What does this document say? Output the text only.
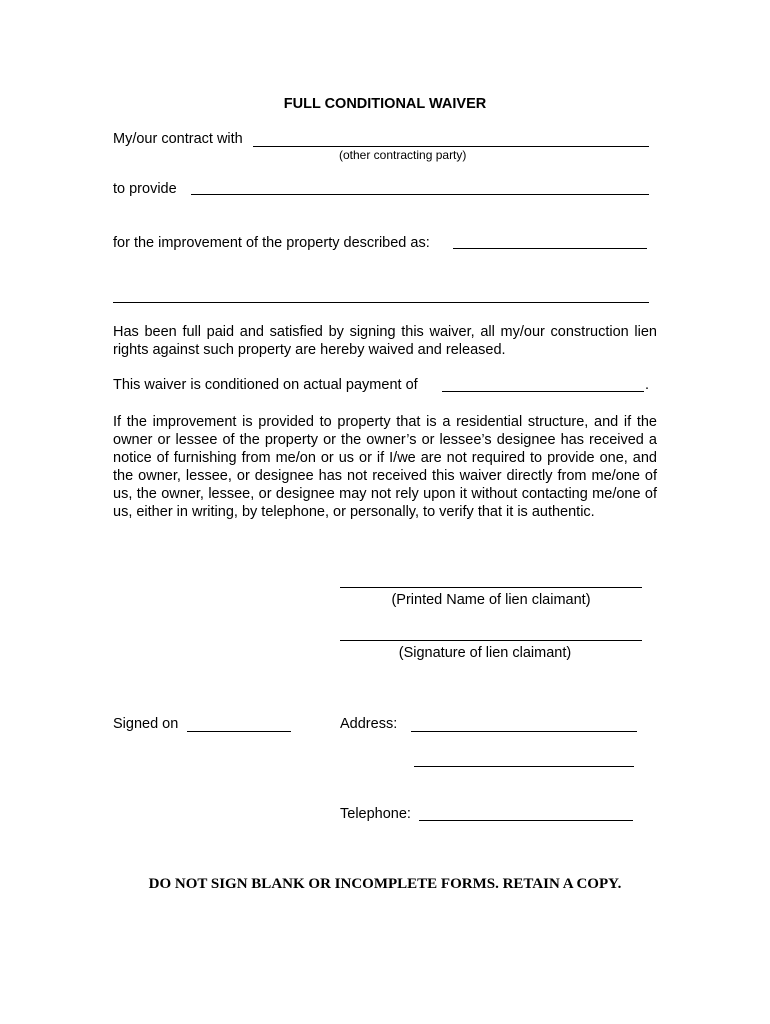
FULL CONDITIONAL WAIVER
My/our contract with
(other contracting party)
to provide
for the improvement of the property described as:
Has been full paid and satisfied by signing this waiver, all my/our construction lien rights against such property are hereby waived and released.
This waiver is conditioned on actual payment of	.
If the improvement is provided to property that is a residential structure, and if the owner or lessee of the property or the owner’s or lessee’s designee has received a notice of furnishing from me/on or us or if I/we are not required to provide one, and the owner, lessee, or designee has not received this waiver directly from me/one of us, the owner, lessee, or designee may not rely upon it without contacting me/one of us, either in writing, by telephone, or personally, to verify that it is authentic.
(Printed Name of lien claimant)
(Signature of lien claimant)
Signed on	Address:
Telephone:
DO NOT SIGN BLANK OR INCOMPLETE FORMS. RETAIN A COPY.
